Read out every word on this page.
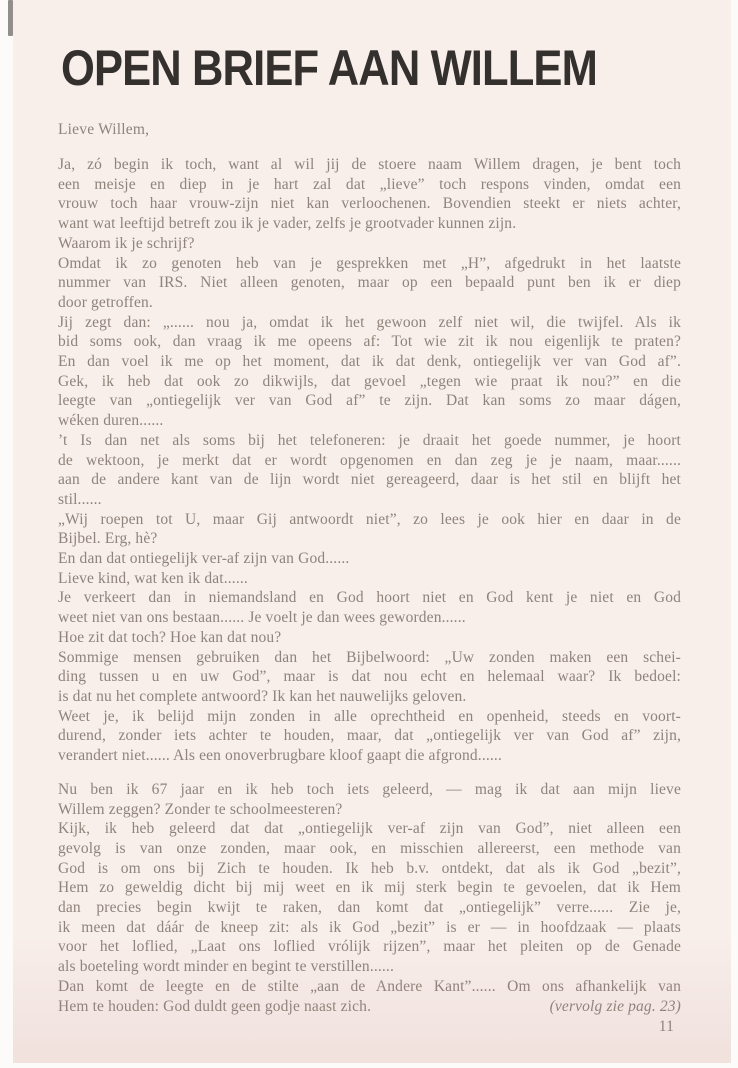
OPEN BRIEF AAN WILLEM
Lieve Willem,
Ja, zó begin ik toch, want al wil jij de stoere naam Willem dragen, je bent toch
een meisje en diep in je hart zal dat „lieve” toch respons vinden, omdat een
vrouw toch haar vrouw-zijn niet kan verloochenen. Bovendien steekt er niets achter,
want wat leeftijd betreft zou ik je vader, zelfs je grootvader kunnen zijn.
Waarom ik je schrijf?
Omdat ik zo genoten heb van je gesprekken met „H”, afgedrukt in het laatste
nummer van IRS. Niet alleen genoten, maar op een bepaald punt ben ik er diep
door getroffen.
Jij zegt dan: „...... nou ja, omdat ik het gewoon zelf niet wil, die twijfel. Als ik
bid soms ook, dan vraag ik me opeens af: Tot wie zit ik nou eigenlijk te praten?
En dan voel ik me op het moment, dat ik dat denk, ontiegelijk ver van God af”.
Gek, ik heb dat ook zo dikwijls, dat gevoel „tegen wie praat ik nou?” en die
leegte van „ontiegelijk ver van God af” te zijn. Dat kan soms zo maar dágen,
wéken duren......
’t Is dan net als soms bij het telefoneren: je draait het goede nummer, je hoort
de wektoon, je merkt dat er wordt opgenomen en dan zeg je je naam, maar......
aan de andere kant van de lijn wordt niet gereageerd, daar is het stil en blijft het
stil......
„Wij roepen tot U, maar Gij antwoordt niet”, zo lees je ook hier en daar in de
Bijbel. Erg, hè?
En dan dat ontiegelijk ver-af zijn van God......
Lieve kind, wat ken ik dat......
Je verkeert dan in niemandsland en God hoort niet en God kent je niet en God
weet niet van ons bestaan...... Je voelt je dan wees geworden......
Hoe zit dat toch? Hoe kan dat nou?
Sommige mensen gebruiken dan het Bijbelwoord: „Uw zonden maken een schei-
ding tussen u en uw God”, maar is dat nou echt en helemaal waar? Ik bedoel:
is dat nu het complete antwoord? Ik kan het nauwelijks geloven.
Weet je, ik belijd mijn zonden in alle oprechtheid en openheid, steeds en voort-
durend, zonder iets achter te houden, maar, dat „ontiegelijk ver van God af” zijn,
verandert niet...... Als een onoverbrugbare kloof gaapt die afgrond......
Nu ben ik 67 jaar en ik heb toch iets geleerd, — mag ik dat aan mijn lieve
Willem zeggen? Zonder te schoolmeesteren?
Kijk, ik heb geleerd dat dat „ontiegelijk ver-af zijn van God”, niet alleen een
gevolg is van onze zonden, maar ook, en misschien allereerst, een methode van
God is om ons bij Zich te houden. Ik heb b.v. ontdekt, dat als ik God „bezit”,
Hem zo geweldig dicht bij mij weet en ik mij sterk begin te gevoelen, dat ik Hem
dan precies begin kwijt te raken, dan komt dat „ontiegelijk” verre...... Zie je,
ik meen dat dáár de kneep zit: als ik God „bezit” is er — in hoofdzaak — plaats
voor het loflied, „Laat ons loflied vrólijk rijzen”, maar het pleiten op de Genade
als boeteling wordt minder en begint te verstillen......
Dan komt de leegte en de stilte „aan de Andere Kant”...... Om ons afhankelijk van
Hem te houden: God duldt geen godje naast zich.	(vervolg zie pag. 23)
11
